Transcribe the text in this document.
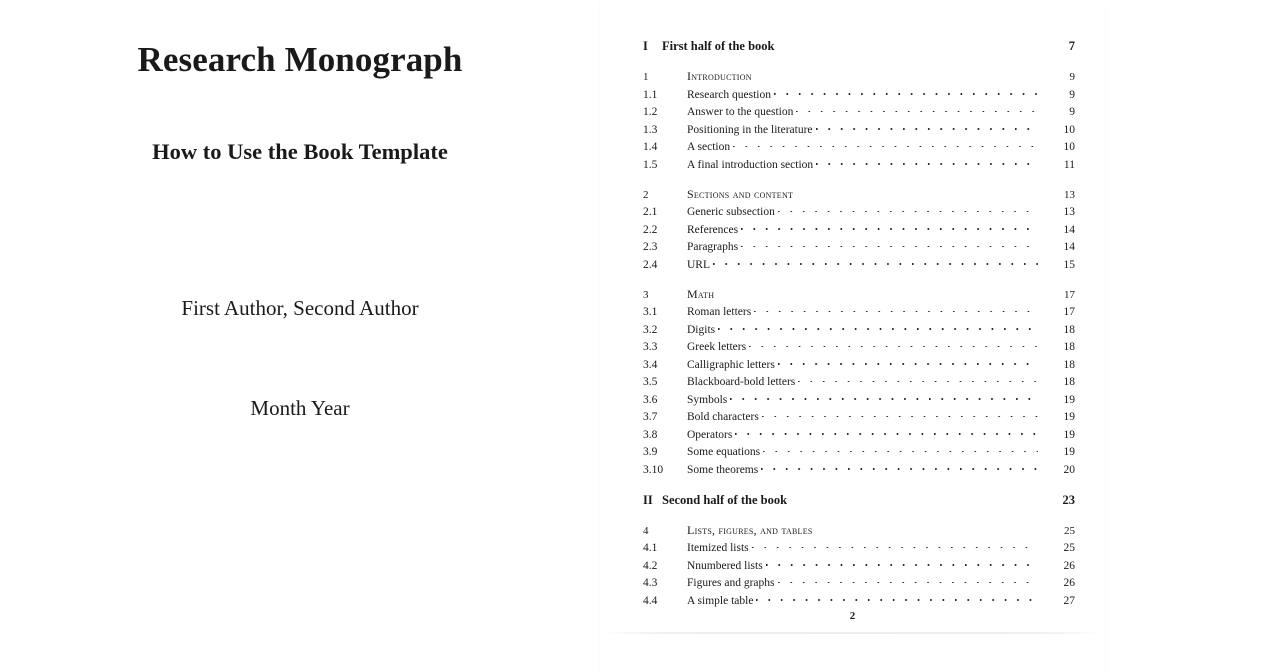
Research Monograph
How to Use the Book Template

First Author, Second Author

Month Year

I	First half of the book	7
1	Introduction	9
1.1	Research question	9
1.2	Answer to the question	9
1.3	Positioning in the literature	10
1.4	A section	10
1.5	A final introduction section	11
2	Sections and content	13
2.1	Generic subsection	13
2.2	References	14
2.3	Paragraphs	14
2.4	URL	15
3	Math	17
3.1	Roman letters	17
3.2	Digits	18
3.3	Greek letters	18
3.4	Calligraphic letters	18
3.5	Blackboard-bold letters	18
3.6	Symbols	19
3.7	Bold characters	19
3.8	Operators	19
3.9	Some equations	19
3.10	Some theorems	20
II Second half of the book	23
4	Lists, figures, and tables	25
4.1	Itemized lists	25
4.2	Nnumbered lists	26
4.3	Figures and graphs	26
4.4	A simple table	27
2
